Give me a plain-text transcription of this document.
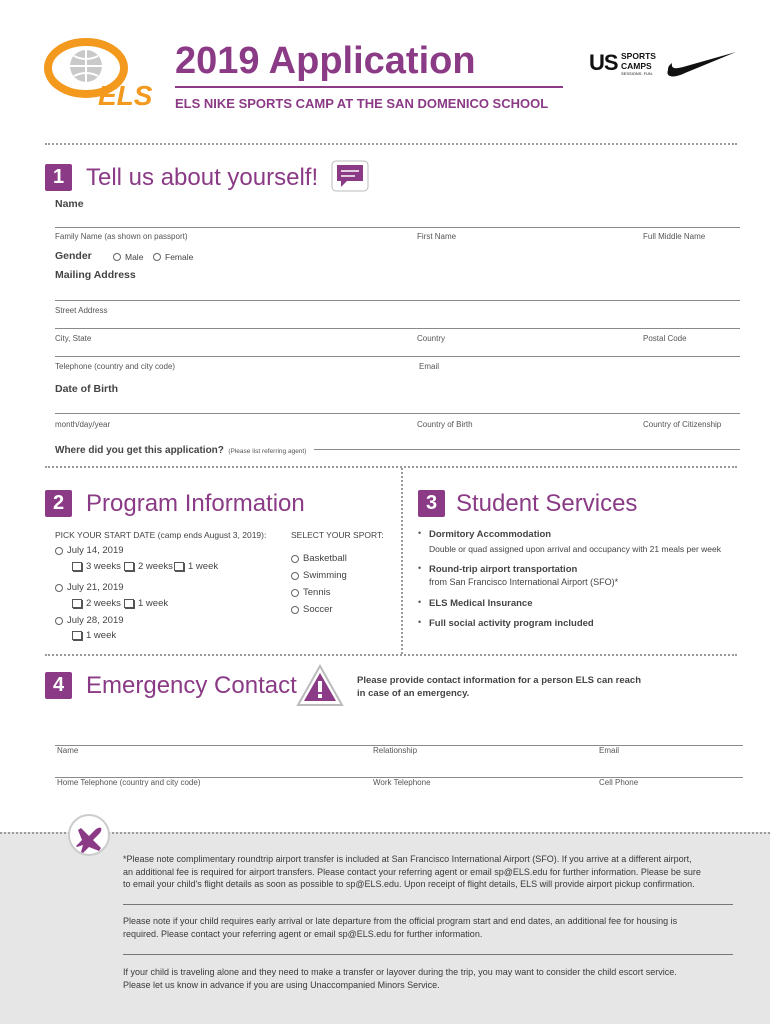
ELS
2019 Application
ELS NIKE SPORTS CAMP AT THE SAN DOMENICO SCHOOL
US SPORTS
CAMPS
SESSIONS. FUN.
1 Tell us about yourself!
Name
Family Name (as shown on passport)	First Name	Full Middle Name
Gender	Male	Female
Mailing Address
Street Address
City, State	Country	Postal Code
Telephone (country and city code)	Email
Date of Birth
month/day/year	Country of Birth	Country of Citizenship
Where did you get this application? (Please list referring agent)
2 Program Information
PICK YOUR START DATE (camp ends August 3, 2019):
July 14, 2019
3 weeks 2 weeks 1 week
July 21, 2019
2 weeks 1 week
July 28, 2019
1 week
SELECT YOUR SPORT:
Basketball
Swimming
Tennis
Soccer
3 Student Services
• Dormitory Accommodation
Double or quad assigned upon arrival and occupancy with 21 meals per week
• Round-trip airport transportation
from San Francisco International Airport (SFO)*
• ELS Medical Insurance
• Full social activity program included
4 Emergency Contact	Please provide contact information for a person ELS can reach
in case of an emergency.
Name	Relationship	Email
Home Telephone (country and city code)	Work Telephone	Cell Phone
*Please note complimentary roundtrip airport transfer is included at San Francisco International Airport (SFO). If you arrive at a different airport,
an additional fee is required for airport transfers. Please contact your referring agent or email sp@ELS.edu for further information. Please be sure
to email your child's flight details as soon as possible to sp@ELS.edu. Upon receipt of flight details, ELS will provide airport pickup confirmation.
Please note if your child requires early arrival or late departure from the official program start and end dates, an additional fee for housing is
required. Please contact your referring agent or email sp@ELS.edu for further information.
If your child is traveling alone and they need to make a transfer or layover during the trip, you may want to consider the child escort service.
Please let us know in advance if you are using Unaccompanied Minors Service.
